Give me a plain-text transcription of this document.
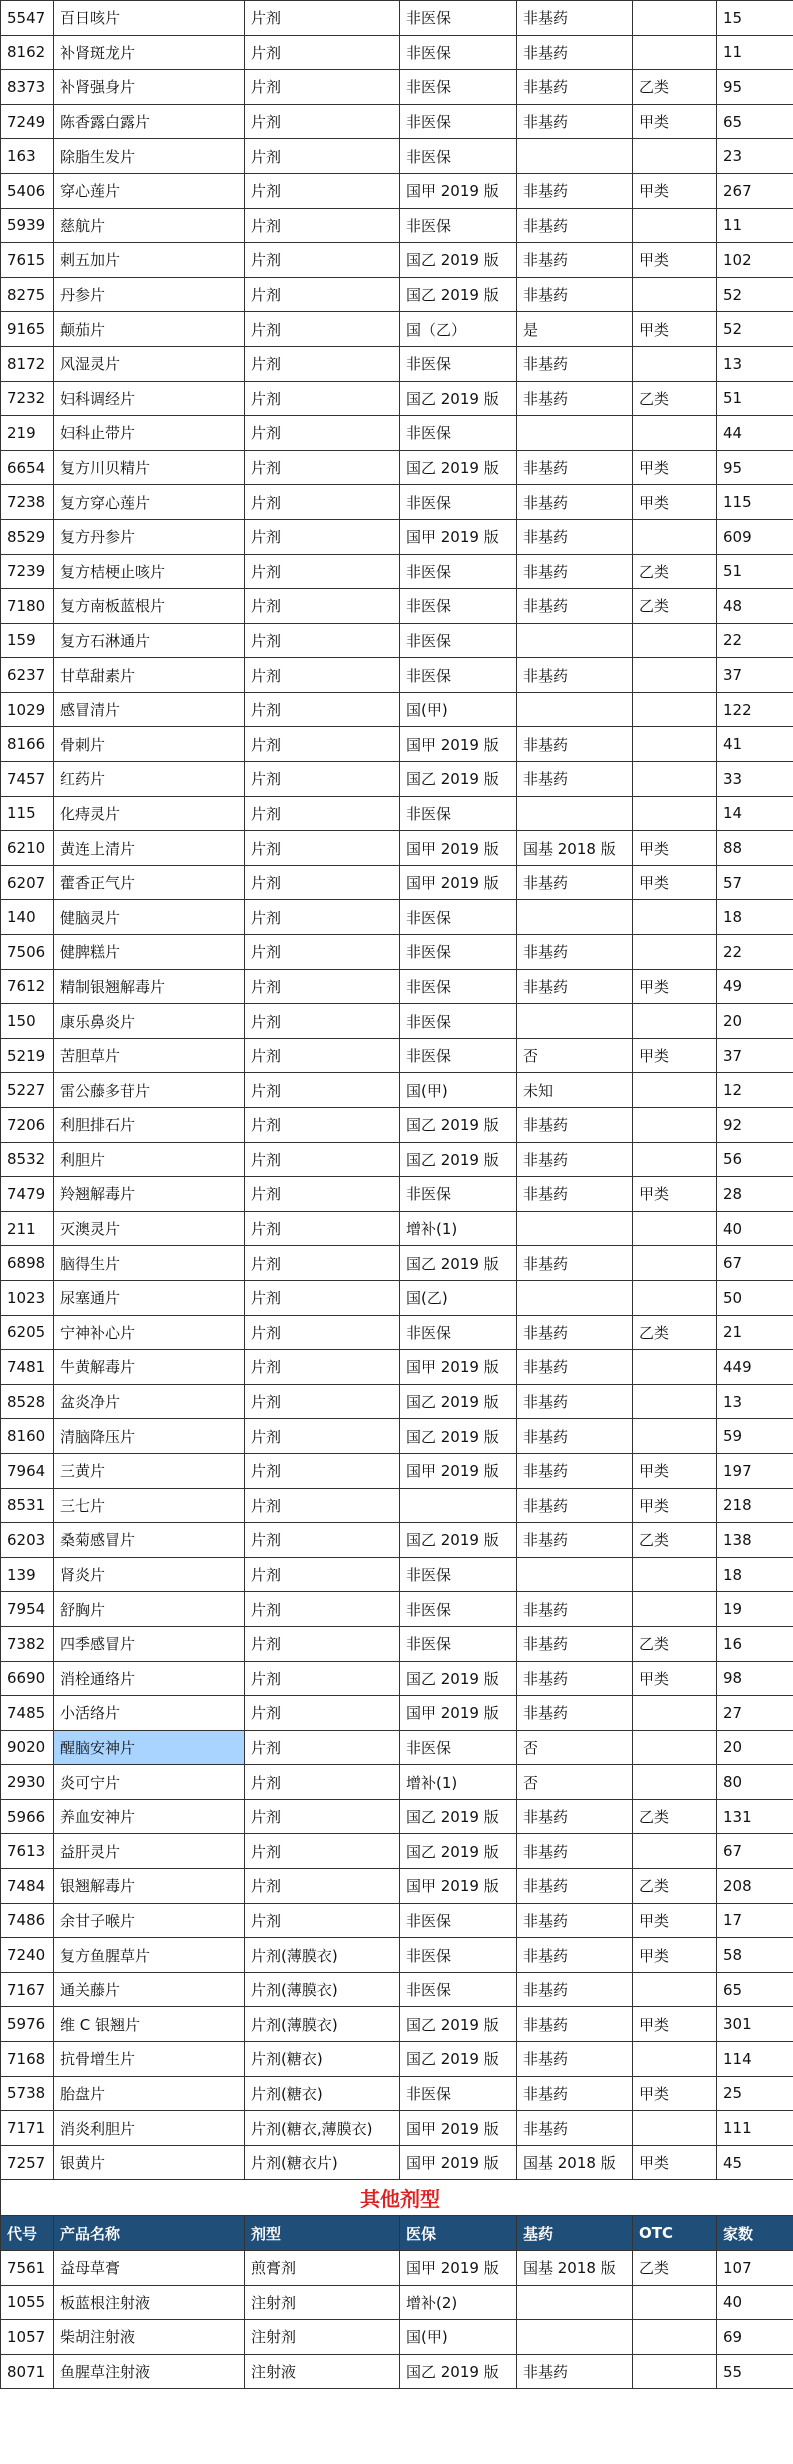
5547	百日咳片	片剂	非医保	非基药		15
8162	补肾斑龙片	片剂	非医保	非基药		11
8373	补肾强身片	片剂	非医保	非基药	乙类	95
7249	陈香露白露片	片剂	非医保	非基药	甲类	65
163	除脂生发片	片剂	非医保			23
5406	穿心莲片	片剂	国甲 2019 版	非基药	甲类	267
5939	慈航片	片剂	非医保	非基药		11
7615	刺五加片	片剂	国乙 2019 版	非基药	甲类	102
8275	丹参片	片剂	国乙 2019 版	非基药		52
9165	颠茄片	片剂	国（乙）	是	甲类	52
8172	风湿灵片	片剂	非医保	非基药		13
7232	妇科调经片	片剂	国乙 2019 版	非基药	乙类	51
219	妇科止带片	片剂	非医保			44
6654	复方川贝精片	片剂	国乙 2019 版	非基药	甲类	95
7238	复方穿心莲片	片剂	非医保	非基药	甲类	115
8529	复方丹参片	片剂	国甲 2019 版	非基药		609
7239	复方桔梗止咳片	片剂	非医保	非基药	乙类	51
7180	复方南板蓝根片	片剂	非医保	非基药	乙类	48
159	复方石淋通片	片剂	非医保			22
6237	甘草甜素片	片剂	非医保	非基药		37
1029	感冒清片	片剂	国(甲)			122
8166	骨刺片	片剂	国甲 2019 版	非基药		41
7457	红药片	片剂	国乙 2019 版	非基药		33
115	化痔灵片	片剂	非医保			14
6210	黄连上清片	片剂	国甲 2019 版	国基 2018 版	甲类	88
6207	藿香正气片	片剂	国甲 2019 版	非基药	甲类	57
140	健脑灵片	片剂	非医保			18
7506	健脾糕片	片剂	非医保	非基药		22
7612	精制银翘解毒片	片剂	非医保	非基药	甲类	49
150	康乐鼻炎片	片剂	非医保			20
5219	苦胆草片	片剂	非医保	否	甲类	37
5227	雷公藤多苷片	片剂	国(甲)	未知		12
7206	利胆排石片	片剂	国乙 2019 版	非基药		92
8532	利胆片	片剂	国乙 2019 版	非基药		56
7479	羚翘解毒片	片剂	非医保	非基药	甲类	28
211	灭澳灵片	片剂	增补(1)			40
6898	脑得生片	片剂	国乙 2019 版	非基药		67
1023	尿塞通片	片剂	国(乙)			50
6205	宁神补心片	片剂	非医保	非基药	乙类	21
7481	牛黄解毒片	片剂	国甲 2019 版	非基药		449
8528	盆炎净片	片剂	国乙 2019 版	非基药		13
8160	清脑降压片	片剂	国乙 2019 版	非基药		59
7964	三黄片	片剂	国甲 2019 版	非基药	甲类	197
8531	三七片	片剂		非基药	甲类	218
6203	桑菊感冒片	片剂	国乙 2019 版	非基药	乙类	138
139	肾炎片	片剂	非医保			18
7954	舒胸片	片剂	非医保	非基药		19
7382	四季感冒片	片剂	非医保	非基药	乙类	16
6690	消栓通络片	片剂	国乙 2019 版	非基药	甲类	98
7485	小活络片	片剂	国甲 2019 版	非基药		27
9020	醒脑安神片	片剂	非医保	否		20
2930	炎可宁片	片剂	增补(1)	否		80
5966	养血安神片	片剂	国乙 2019 版	非基药	乙类	131
7613	益肝灵片	片剂	国乙 2019 版	非基药		67
7484	银翘解毒片	片剂	国甲 2019 版	非基药	乙类	208
7486	余甘子喉片	片剂	非医保	非基药	甲类	17
7240	复方鱼腥草片	片剂(薄膜衣)	非医保	非基药	甲类	58
7167	通关藤片	片剂(薄膜衣)	非医保	非基药		65
5976	维 C 银翘片	片剂(薄膜衣)	国乙 2019 版	非基药	甲类	301
7168	抗骨增生片	片剂(糖衣)	国乙 2019 版	非基药		114
5738	胎盘片	片剂(糖衣)	非医保	非基药	甲类	25
7171	消炎利胆片	片剂(糖衣,薄膜衣)	国甲 2019 版	非基药		111
7257	银黄片	片剂(糖衣片)	国甲 2019 版	国基 2018 版	甲类	45
其他剂型						
代号	产品名称	剂型	医保	基药	OTC	家数
7561	益母草膏	煎膏剂	国甲 2019 版	国基 2018 版	乙类	107
1055	板蓝根注射液	注射剂	增补(2)			40
1057	柴胡注射液	注射剂	国(甲)			69
8071	鱼腥草注射液	注射液	国乙 2019 版	非基药		55
